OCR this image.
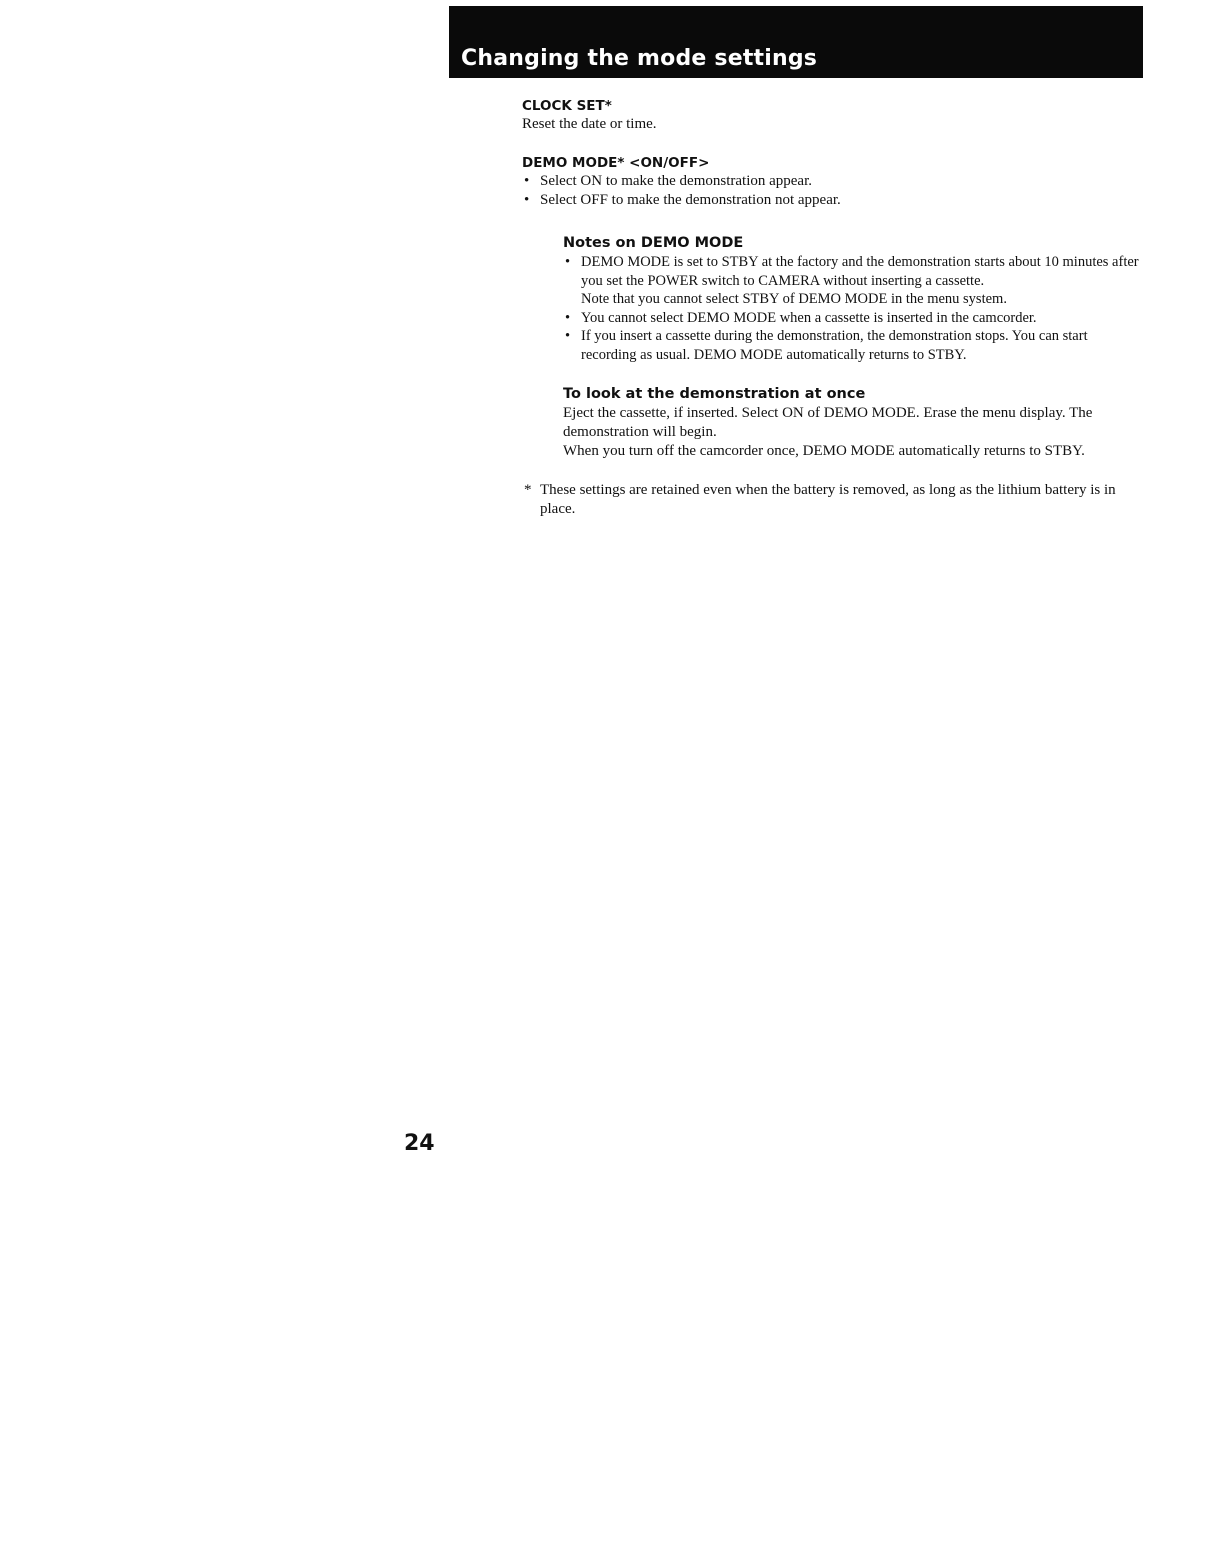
Changing the mode settings
CLOCK SET*

Reset the date or time.

DEMO MODE* <ON/OFF>
• Select ON to make the demonstration appear.
• Select OFF to make the demonstration not appear.
Notes on DEMO MODE
• DEMO MODE is set to STBY at the factory and the demonstration starts about 10 minutes after you set the POWER switch to CAMERA without inserting a cassette.

Note that you cannot select STBY of DEMO MODE in the menu system.

• You cannot select DEMO MODE when a cassette is inserted in the camcorder.
• If you insert a cassette during the demonstration, the demonstration stops. You can start recording as usual. DEMO MODE automatically returns to STBY.
To look at the demonstration at once

Eject the cassette, if inserted. Select ON of DEMO MODE. Erase the menu display. The demonstration will begin.

When you turn off the camcorder once, DEMO MODE automatically returns to STBY.

* These settings are retained even when the battery is removed, as long as the lithium battery is in place.

24
